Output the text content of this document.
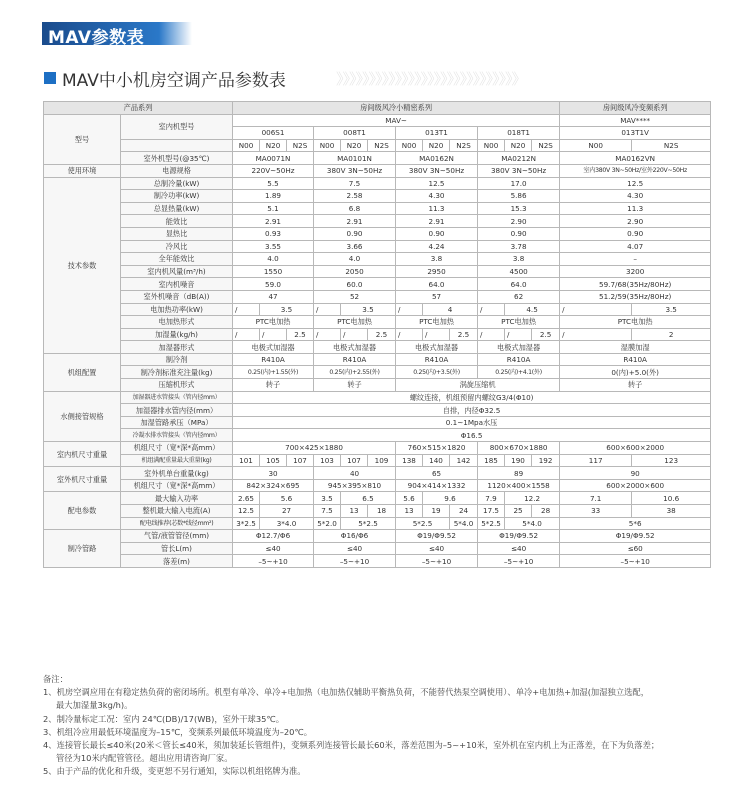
MAV参数表
MAV中小机房空调产品参数表	》》》》》》》》》》》》》》》》》》》》》》》》》》》》
产品系列		房间级风冷小精密系列												房间级风冷变频系列	
型号	室内机型号	MAV~												MAV****	
		006S1			008T1			013T1			018T1			013T1V	
		N00	N20	N2S	N00	N20	N2S	N00	N20	N2S	N00	N20	N2S	N00	N2S
	室外机型号(@35℃)	MA0071N			MA0101N			MA0162N			MA0212N			MA0162VN	
使用环境	电源规格	220V~50Hz			380V 3N~50Hz			380V 3N~50Hz			380V 3N~50Hz			室内380V 3N~50Hz/室外220V~50Hz	
技术参数	总制冷量(kW)	5.5			7.5			12.5			17.0			12.5	
	制冷功率(kW)	1.89			2.58			4.30			5.86			4.30	
	总显热量(kW)	5.1			6.8			11.3			15.3			11.3	
	能效比	2.91			2.91			2.91			2.90			2.90	
	显热比	0.93			0.90			0.90			0.90			0.90	
	冷风比	3.55			3.66			4.24			3.78			4.07	
	全年能效比	4.0			4.0			3.8			3.8			–	
	室内机风量(m³/h)	1550			2050			2950			4500			3200	
	室内机噪音	59.0			60.0			64.0			64.0			59.7/68(35Hz/80Hz)	
	室外机噪音（dB(A))	47			52			57			62			51.2/59(35Hz/80Hz)	
	电加热功率(kW)	/	3.5		/	3.5		/	4		/	4.5		/	3.5
	电加热形式	PTC电加热			PTC电加热			PTC电加热			PTC电加热			PTC电加热	
	加湿量(kg/h)	/	/	2.5	/	/	2.5	/	/	2.5	/	/	2.5	/	2
	加湿器形式	电极式加湿器			电极式加湿器			电极式加湿器			电极式加湿器			湿膜加湿	
机组配置	制冷剂	R410A			R410A			R410A			R410A			R410A	
	制冷剂标准充注量(kg)	0.25(内)+1.55(外)			0.25(内)+2.55(外)			0.25(内)+3.5(外)			0.25(内)+4.1(外)			0(内)+5.0(外)	
	压缩机形式	转子			转子			涡旋压缩机						转子	
水侧接管规格	加湿器进水管接头（管内径mm）	螺纹连接，机组预留内螺纹G3/4(Φ10)													
	加湿器排水管内径(mm）	自排，内径Φ32.5													
	加湿管路承压（MPa）	0.1~1Mpa水压													
	冷凝水排水管接头（管内径mm）	Φ16.5													
室内机尺寸重量	机组尺寸（宽*深*高mm）	700×425×1880						760×515×1820			800×670×1880			600×600×2000	
	机组满配重量最大重量(kg)	101	105	107	103	107	109	138	140	142	185	190	192	117	123
室外机尺寸重量	室外机单台重量(kg)	30			40			65			89			90	
	机组尺寸（宽*深*高mm）	842×324×695			945×395×810			904×414×1332			1120×400×1558			600×2000×600	
配电参数	最大输入功率	2.65	5.6		3.5	6.5		5.6	9.6		7.9	12.2		7.1	10.6
	整机最大输入电流(A)	12.5	27		7.5	13	18	13	19	24	17.5	25	28	33	38
	配电线推荐(芯数*线径mm²)	3*2.5	3*4.0		5*2.0	5*2.5		5*2.5		5*4.0	5*2.5	5*4.0		5*6	
制冷管路	气管/液管管径(mm)	Φ12.7/Φ6			Φ16/Φ6			Φ19/Φ9.52			Φ19/Φ9.52			Φ19/Φ9.52	
	管长L(m)	≤40			≤40			≤40			≤40			≤60	
	落差(m)	–5~+10			–5~+10			–5~+10			–5~+10			–5~+10	
备注：
1、机房空调应用在有稳定热负荷的密闭场所。机型有单冷、单冷+电加热（电加热仅辅助平衡热负荷，不能替代热泵空调使用）、单冷+电加热+加湿(加湿独立选配，
最大加湿量3kg/h)。
2、制冷量标定工况：室内 24℃(DB)/17(WB)，室外干球35℃。
3、机组冷应用最低环境温度为–15℃，变频系列最低环境温度为–20℃。
4、连接管长最长≤40米(20米＜管长≤40米，须加装延长管组件)，变频系列连接管长最长60米，落差范围为–5~+10米，室外机在室内机上为正落差，在下为负落差；
管径为10米内配管管径。超出应用请咨询厂家。
5、由于产品的优化和升级，变更恕不另行通知，实际以机组铭牌为准。
